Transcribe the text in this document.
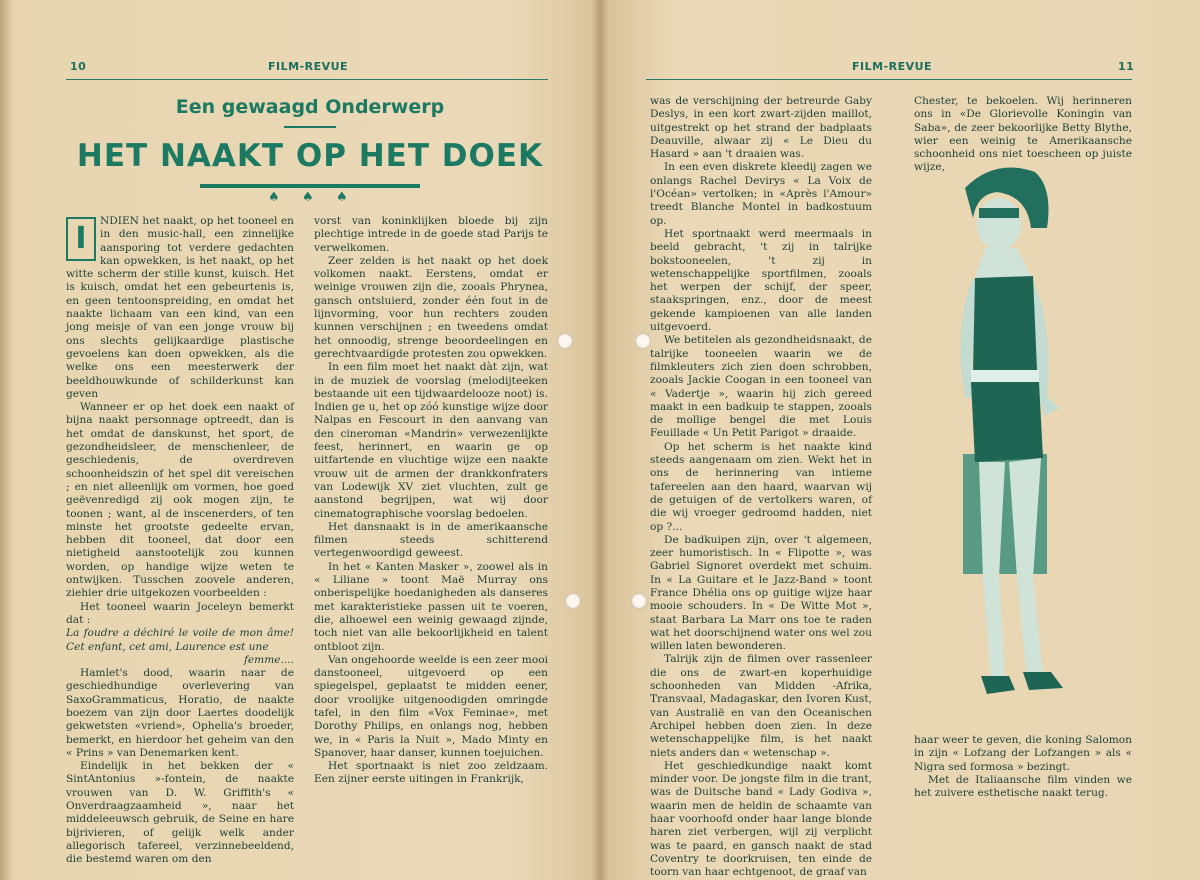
10	FILM-REVUE
Een gewaagd Onderwerp
HET NAAKT OP HET DOEK
♠ ♠ ♠
I	NDIEN het naakt, op het tooneel en in den music-hall, een zinnelijke aansporing tot verdere gedachten kan opwekken, is het naakt, op het witte scherm der stille kunst, kuisch. Het is kuisch, omdat het een gebeurtenis is, en geen tentoonspreiding, en omdat het naakte lichaam van een kind, van een jong meisje of van een jonge vrouw bij ons slechts gelijkaardige plastische gevoelens kan doen opwekken, als die welke ons een meesterwerk der beeldhouwkunde of schilderkunst kan geven

Wanneer er op het doek een naakt of bijna naakt personnage optreedt, dan is het omdat de danskunst, het sport, de gezondheidsleer, de menschenleer, de geschiedenis, de overdreven schoonheidszin of het spel dit vereischen ; en niet alleenlijk om vormen, hoe goed geëvenredigd zij ook mogen zijn, te toonen ; want, al de inscenerders, of ten minste het grootste gedeelte ervan, hebben dit tooneel, dat door een nietigheid aanstootelijk zou kunnen worden, op handige wijze weten te ontwijken. Tusschen zoovele anderen, ziehier drie uitgekozen voorbeelden :

Het tooneel waarin Joceleyn bemerkt dat :

La foudre a déchiré le voile de mon âme! Cet enfant, cet ami, Laurence est une

femme....

Hamlet's dood, waarin naar de geschiedhundige overlevering van SaxoGrammaticus, Horatio, de naakte boezem van zijn door Laertes doodelijk gekwetsten «vriend», Ophelia's broeder, bemerkt, en hierdoor het geheim van den « Prins » van Denemarken kent.

Eindelijk in het bekken der « SintAntonius »-fontein, de naakte vrouwen van D. W. Griffith's « Onverdraagzaamheid », naar het middeleeuwsch gebruik, de Seine en hare bijrivieren, of gelijk welk ander allegorisch tafereel, verzinnebeeldend, die bestemd waren om den

vorst van koninklijken bloede bij zijn plechtige intrede in de goede stad Parijs te verwelkomen.

Zeer zelden is het naakt op het doek volkomen naakt. Eerstens, omdat er weinige vrouwen zijn die, zooals Phrynea, gansch ontsluierd, zonder één fout in de lijnvorming, voor hun rechters zouden kunnen verschijnen ; en tweedens omdat het onnoodig, strenge beoordeelingen en gerechtvaardigde protesten zou opwekken.

In een film moet het naakt dàt zijn, wat in de muziek de voorslag (melodijteeken bestaande uit een tijdwaardelooze noot) is. Indien ge u, het op zóó kunstige wijze door Nalpas en Fescourt in den aanvang van den cineroman «Mandrin» verwezenlijkte feest, herinnert, en waarin ge op uitfartende en vluchtige wijze een naakte vrouw uit de armen der drankkonfraters van Lodewijk XV ziet vluchten, zult ge aanstond begrijpen, wat wij door cinematographische voorslag bedoelen.

Het dansnaakt is in de amerikaansche filmen steeds schitterend vertegenwoordigd geweest.

In het « Kanten Masker », zoowel als in « Liliane » toont Maë Murray ons onberispelijke hoedanigheden als danseres met karakteristieke passen uit te voeren, die, alhoewel een weinig gewaagd zijnde, toch niet van alle bekoorlijkheid en talent ontbloot zijn.

Van ongehoorde weelde is een zeer mooi danstooneel, uitgevoerd op een spiegelspel, geplaatst te midden eener, door vroolijke uitgenoodigden omringde tafel, in den film «Vox Feminae», met Dorothy Philips, en onlangs nog, hebben we, in « Paris la Nuit », Mado Minty en Spanover, haar danser, kunnen toejuichen.

Het sportnaakt is niet zoo zeldzaam. Een zijner eerste uitingen in Frankrijk,

FILM-REVUE	11

was de verschijning der betreurde Gaby Deslys, in een kort zwart-zijden maillot, uitgestrekt op het strand der badplaats Deauville, alwaar zij « Le Dieu du Hasard » aan 't draaien was.

In een even diskrete kleedij zagen we onlangs Rachel Devirys « La Voix de l'Océan» vertolken; in «Après l'Amour» treedt Blanche Montel in badkostuum op.

Het sportnaakt werd meermaals in beeld gebracht, 't zij in talrijke bokstooneelen, 't zij in wetenschappelijke sportfilmen, zooals het werpen der schijf, der speer, staakspringen, enz., door de meest gekende kampioenen van alle landen uitgevoerd.

We betitelen als gezondheidsnaakt, de talrijke tooneelen waarin we de filmkleuters zich zien doen schrobben, zooals Jackie Coogan in een tooneel van « Vadertje », waarin hij zich gereed maakt in een badkuip te stappen, zooals de mollige bengel die met Louis Feuillade « Un Petit Parigot » draaide.

Op het scherm is het naakte kind steeds aangenaam om zien. Wekt het in ons de herinnering van intieme tafereelen aan den haard, waarvan wij de getuigen of de vertolkers waren, of die wij vroeger gedroomd hadden, niet op ?...

De badkuipen zijn, over 't algemeen, zeer humoristisch. In « Flipotte », was Gabriel Signoret overdekt met schuim. In « La Guitare et le Jazz-Band » toont France Dhélia ons op guitige wijze haar mooie schouders. In « De Witte Mot », staat Barbara La Marr ons toe te raden wat het doorschijnend water ons wel zou willen laten bewonderen.

Talrijk zijn de filmen over rassenleer die ons de zwart-en koperhuidige schoonheden van Midden -Afrika, Transvaal, Madagaskar, den Ivoren Kust, van Australië en van den Oceanischen Archipel hebben doen zien. In deze wetenschappelijke film, is het naakt niets anders dan « wetenschap ».

Het geschiedkundige naakt komt minder voor. De jongste film in die trant, was de Duitsche band « Lady Godiva », waarin men de heldin de schaamte van haar voorhoofd onder haar lange blonde haren ziet verbergen, wijl zij verplicht was te paard, en gansch naakt de stad Coventry te doorkruisen, ten einde de toorn van haar echtgenoot, de graaf van

Chester, te bekoelen. Wij herinneren ons in «De Glorievolle Koningin van Saba», de zeer bekoorlijke Betty Blythe, wier een weinig te Amerikaansche schoonheid ons niet toescheen op juiste wijze,

haar weer te geven, die koning Salomon in zijn « Lofzang der Lofzangen » als « Nigra sed formosa » bezingt.

Met de Italiaansche film vinden we het zuivere esthetische naakt terug.
